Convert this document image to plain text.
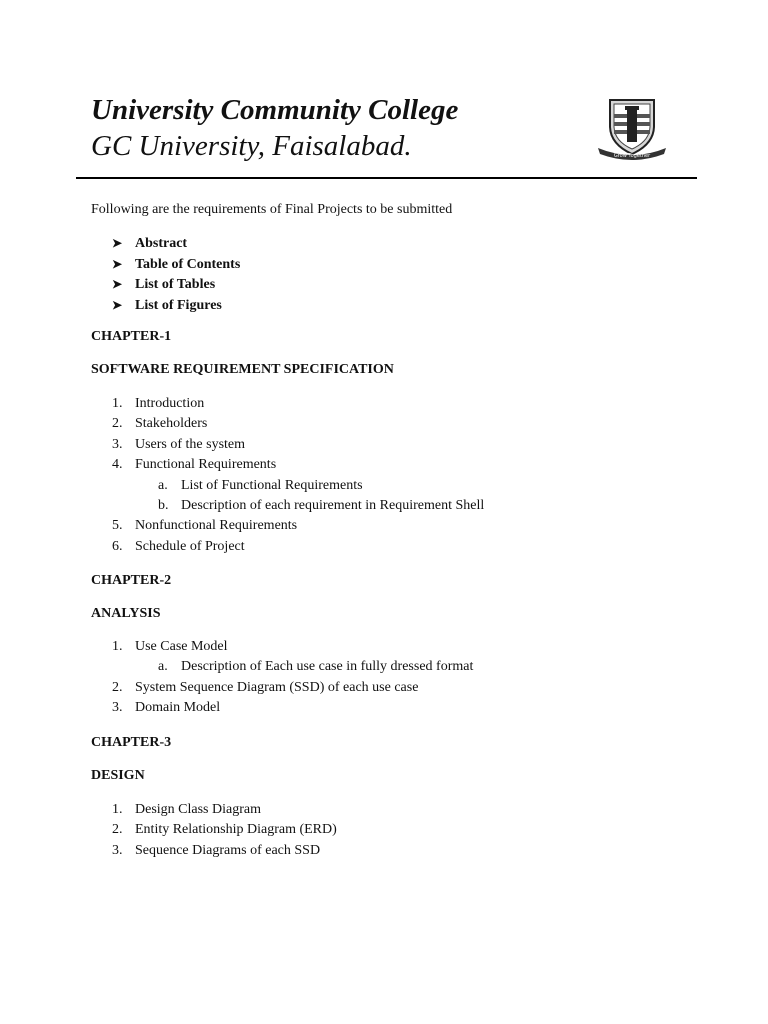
University Community College
GC University, Faisalabad.	Grow Together
Following are the requirements of Final Projects to be submitted
➤ Abstract
➤ Table of Contents
➤ List of Tables
➤ List of Figures
CHAPTER-1
SOFTWARE REQUIREMENT SPECIFICATION
1. Introduction
2. Stakeholders
3. Users of the system
4. Functional Requirements
a. List of Functional Requirements
b. Description of each requirement in Requirement Shell
5. Nonfunctional Requirements
6. Schedule of Project
CHAPTER-2
ANALYSIS
1. Use Case Model
a. Description of Each use case in fully dressed format
2. System Sequence Diagram (SSD) of each use case
3. Domain Model
CHAPTER-3
DESIGN
1. Design Class Diagram
2. Entity Relationship Diagram (ERD)
3. Sequence Diagrams of each SSD
